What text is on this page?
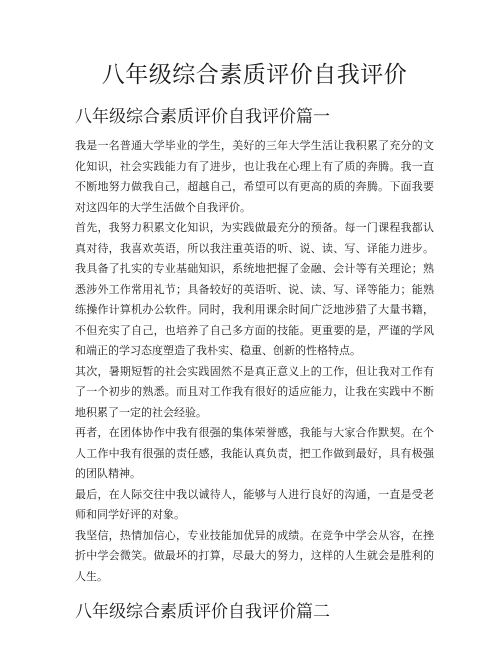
八年级综合素质评价自我评价
八年级综合素质评价自我评价篇一

我是一名普通大学毕业的学生，美好的三年大学生活让我积累了充分的文化知识，社会实践能力有了进步，也让我在心理上有了质的奔腾。我一直不断地努力做我自己，超越自己，希望可以有更高的质的奔腾。下面我要对这四年的大学生活做个自我评价。

首先，我努力积累文化知识，为实践做最充分的预备。每一门课程我都认真对待，我喜欢英语，所以我注重英语的听、说、读、写、译能力进步。我具备了扎实的专业基础知识，系统地把握了金融、会计等有关理论；熟悉涉外工作常用礼节；具备较好的英语听、说、读、写、译等能力；能熟练操作计算机办公软件。同时，我利用课余时间广泛地涉猎了大量书籍，不但充实了自己，也培养了自己多方面的技能。更重要的是，严谨的学风和端正的学习态度塑造了我朴实、稳重、创新的性格特点。

其次，暑期短暂的社会实践固然不是真正意义上的工作，但让我对工作有了一个初步的熟悉。而且对工作我有很好的适应能力，让我在实践中不断地积累了一定的社会经验。

再者，在团体协作中我有很强的集体荣誉感，我能与大家合作默契。在个人工作中我有很强的责任感，我能认真负责，把工作做到最好，具有极强的团队精神。

最后，在人际交往中我以诚待人，能够与人进行良好的沟通，一直是受老师和同学好评的对象。

我坚信，热情加信心，专业技能加优异的成绩。在竞争中学会从容，在挫折中学会微笑。做最坏的打算，尽最大的努力，这样的人生就会是胜利的人生。

八年级综合素质评价自我评价篇二
